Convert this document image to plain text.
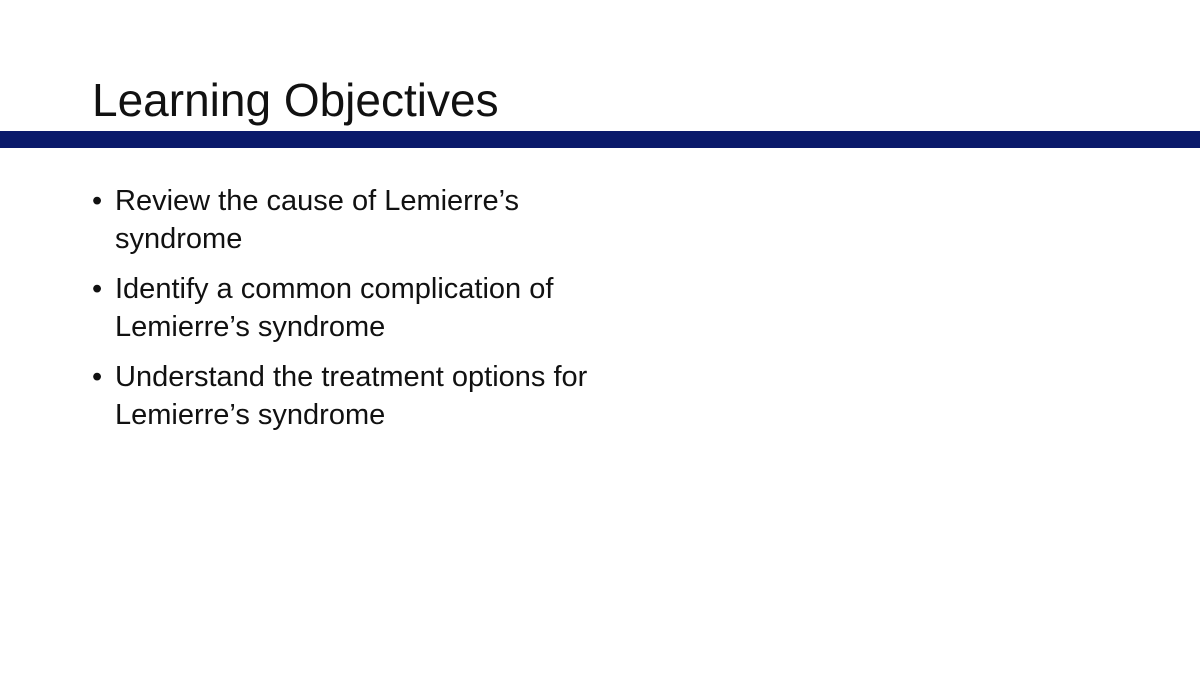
Learning Objectives
• Review the cause of Lemierre’s syndrome
• Identify a common complication of Lemierre’s syndrome
• Understand the treatment options for Lemierre’s syndrome
